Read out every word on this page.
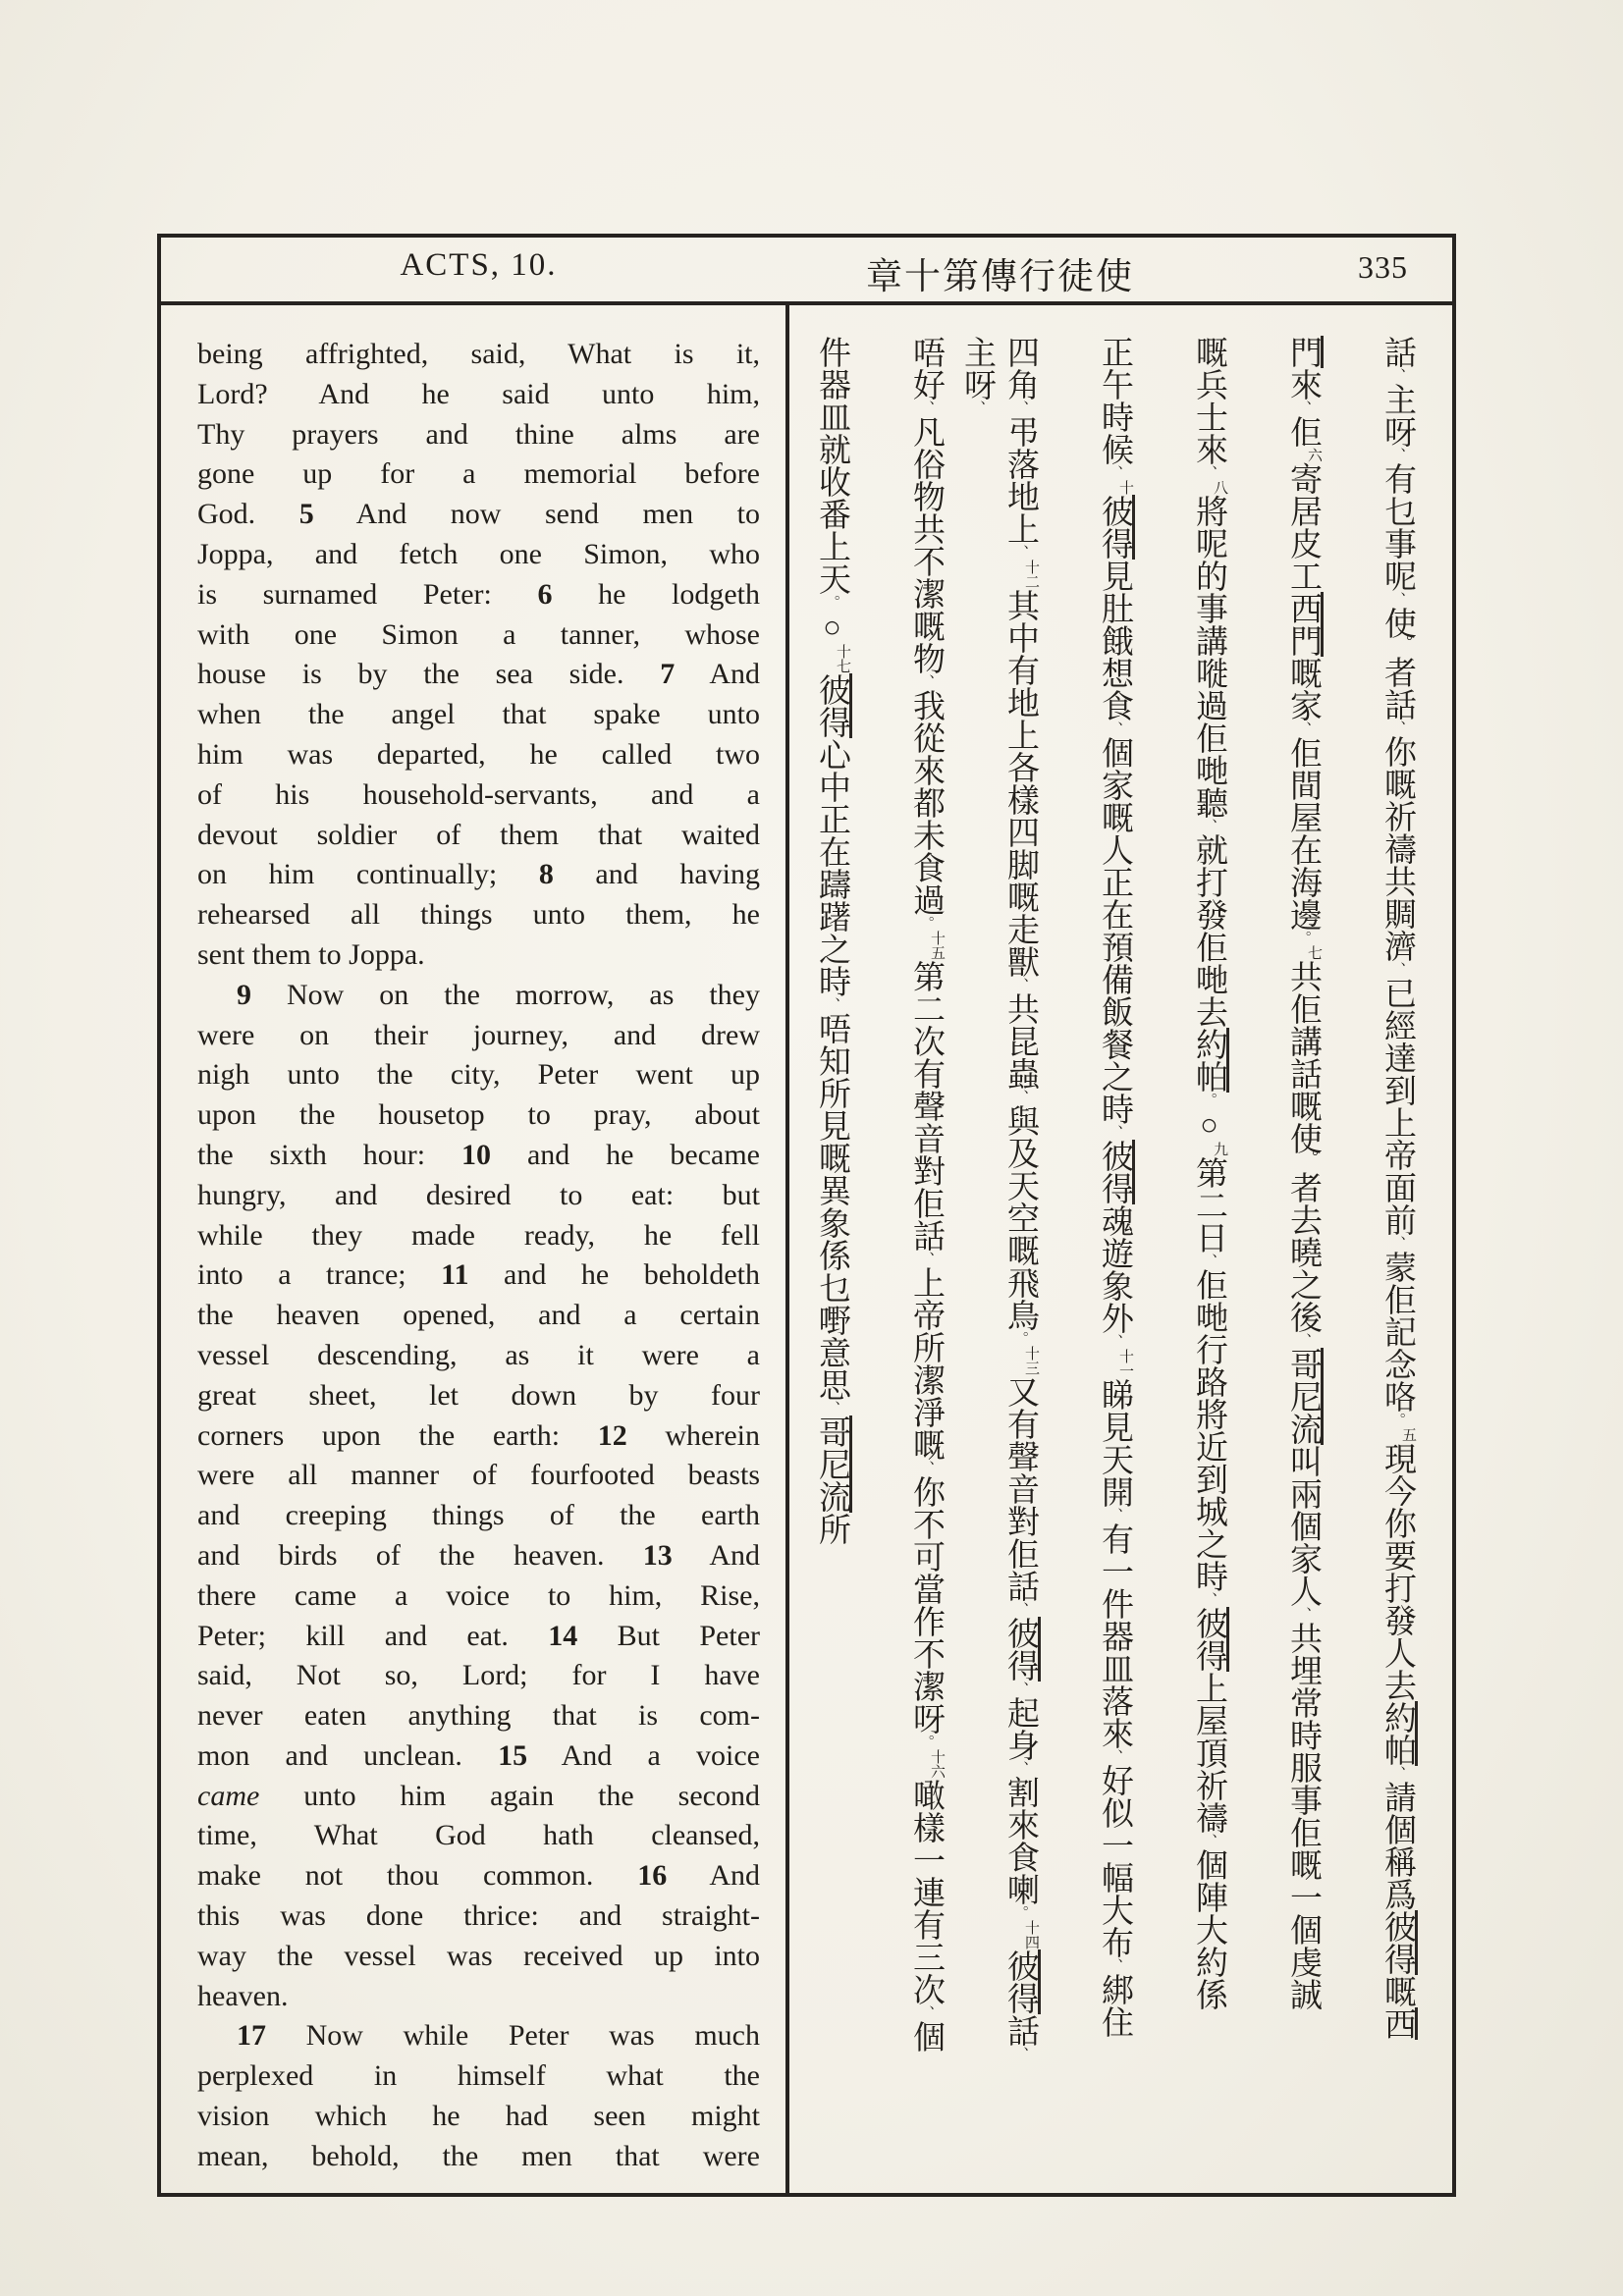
ACTS, 10.	章十第傳行徒使	335
being affrighted, said, What is it,
Lord? And he said unto him,
Thy prayers and thine alms are
gone up for a memorial before
God. 5 And now send men to
Joppa, and fetch one Simon, who
is surnamed Peter: 6 he lodgeth
with one Simon a tanner, whose
house is by the sea side. 7 And
when the angel that spake unto
him was departed, he called two
of his household-servants, and a
devout soldier of them that waited
on him continually; 8 and having
rehearsed all things unto them, he
sent them to Joppa.
9 Now on the morrow, as they
were on their journey, and drew
nigh unto the city, Peter went up
upon the housetop to pray, about
the sixth hour: 10 and he became
hungry, and desired to eat: but
while they made ready, he fell
into a trance; 11 and he beholdeth
the heaven opened, and a certain
vessel descending, as it were a
great sheet, let down by four
corners upon the earth: 12 wherein
were all manner of fourfooted beasts
and creeping things of the earth
and birds of the heaven. 13 And
there came a voice to him, Rise,
Peter; kill and eat. 14 But Peter
said, Not so, Lord; for I have
never eaten anything that is com-
mon and unclean. 15 And a voice
came unto him again the second
time, What God hath cleansed,
make not thou common. 16 And
this was done thrice: and straight-
way the vessel was received up into
heaven.
17 Now while Peter was much
perplexed in himself what the
vision which he had seen might
mean, behold, the men that were
話、主呀、有乜事呢、使°者話、你嘅祈禱共賙濟、已經達到上帝面前、蒙佢記念咯。五現今你要打發人去約帕、請個稱爲彼得嘅西
門來、佢六寄居皮工西門嘅家、佢間屋在海邊。七共佢講話嘅使°者去曉之後、哥尼流叫兩個家人、共埋常時服事佢嘅一個虔誠
嘅兵士來、八將呢的事講嘥過佢哋聽、就打發佢哋去約帕。○九第二日、佢哋行路將近到城之時、彼得上屋頂祈禱、個陣大約係
正午時候、十彼得見肚餓想食、個家嘅人正在預備飯餐之時、彼得魂遊象外、十一睇見天開、有一件器皿落來、好似一幅大布、綁住
四角、弔落地上、十二其中有地上各樣四脚嘅走獸、共昆蟲、與及天空嘅飛鳥。十三又有聲音對佢話、彼得、起身、割來食喇。十四彼得話、主呀、
唔好、凡俗物共不潔嘅物、我從來都未食過。十五第二次有聲音對佢話、上帝所潔淨嘅、你不可當作不潔呀。十六噉樣一連有三次、個
件器皿就收番上天。○十七彼得心中正在躊躇之時、唔知所見嘅異象係乜嘢意思、哥尼流所
